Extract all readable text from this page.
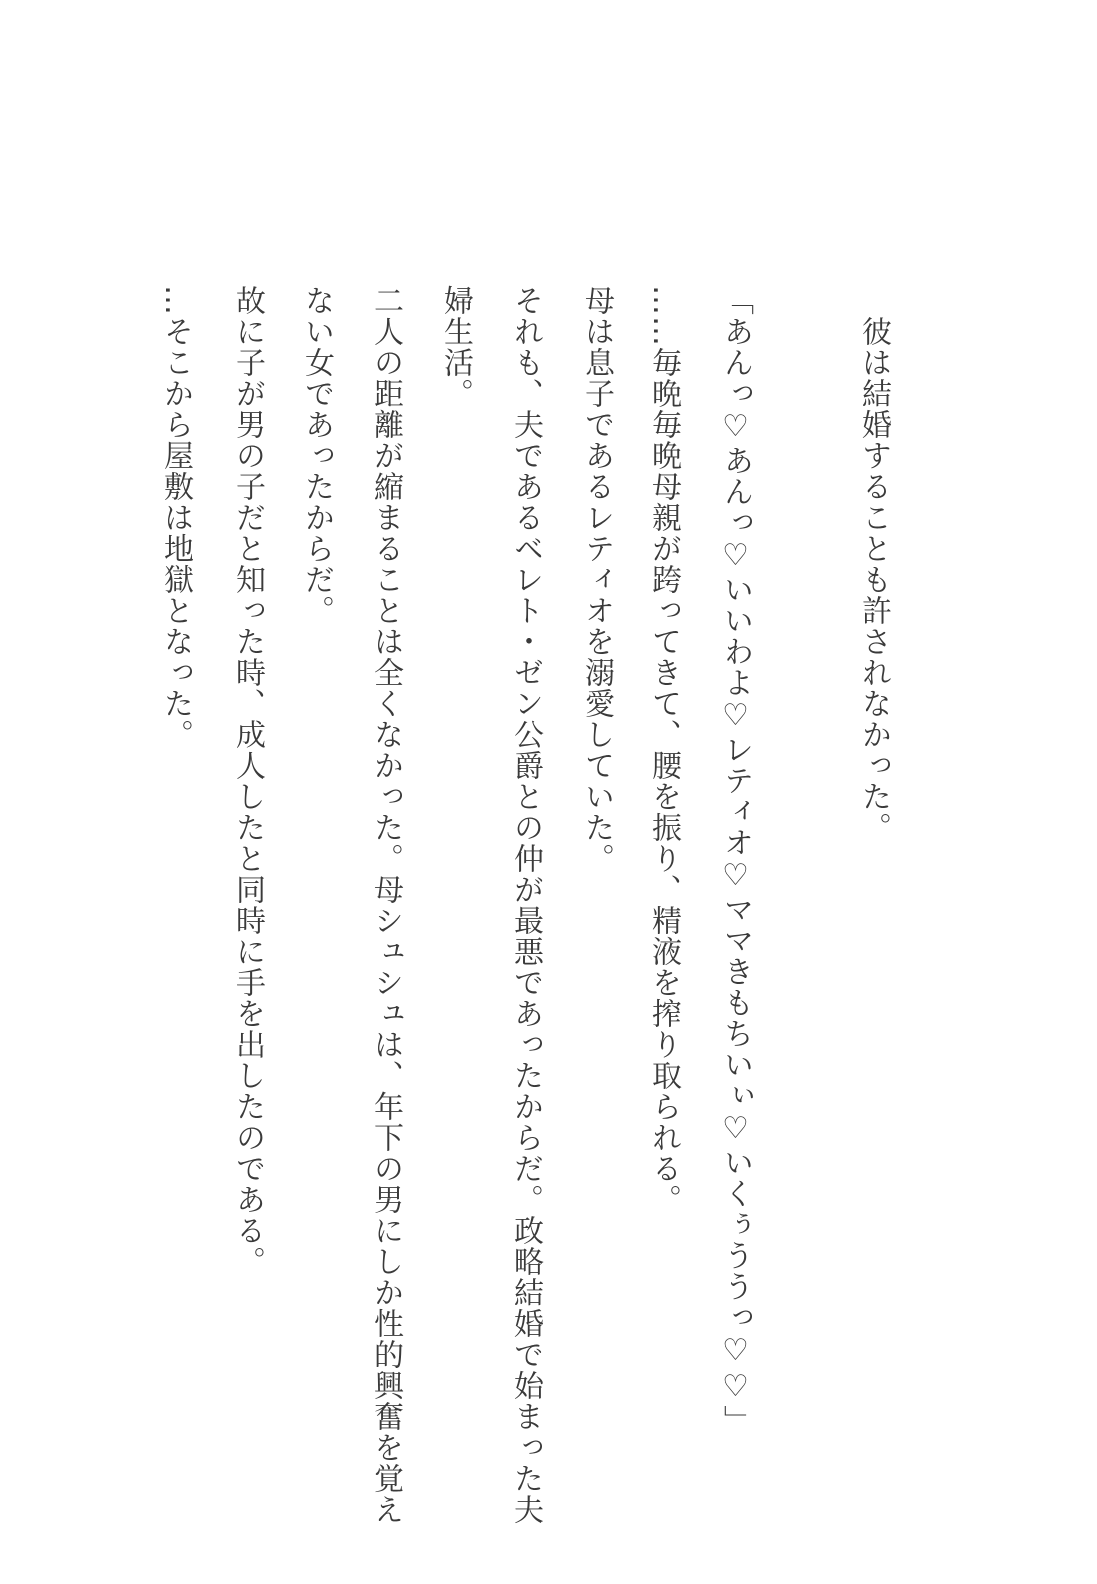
　彼は結婚することも許されなかった。
「あんっ♡あんっ♡いいわよ♡レティオ♡ママきもちいぃ♡いくぅううっ♡♡」
……毎晩毎晩母親が跨ってきて、腰を振り、精液を搾り取られる。
母は息子であるレティオを溺愛していた。
それも、夫であるベレト・ゼン公爵との仲が最悪であったからだ。政略結婚で始まった夫
婦生活。
二人の距離が縮まることは全くなかった。母シュシュは、年下の男にしか性的興奮を覚え
ない女であったからだ。
故に子が男の子だと知った時、成人したと同時に手を出したのである。
…そこから屋敷は地獄となった。
